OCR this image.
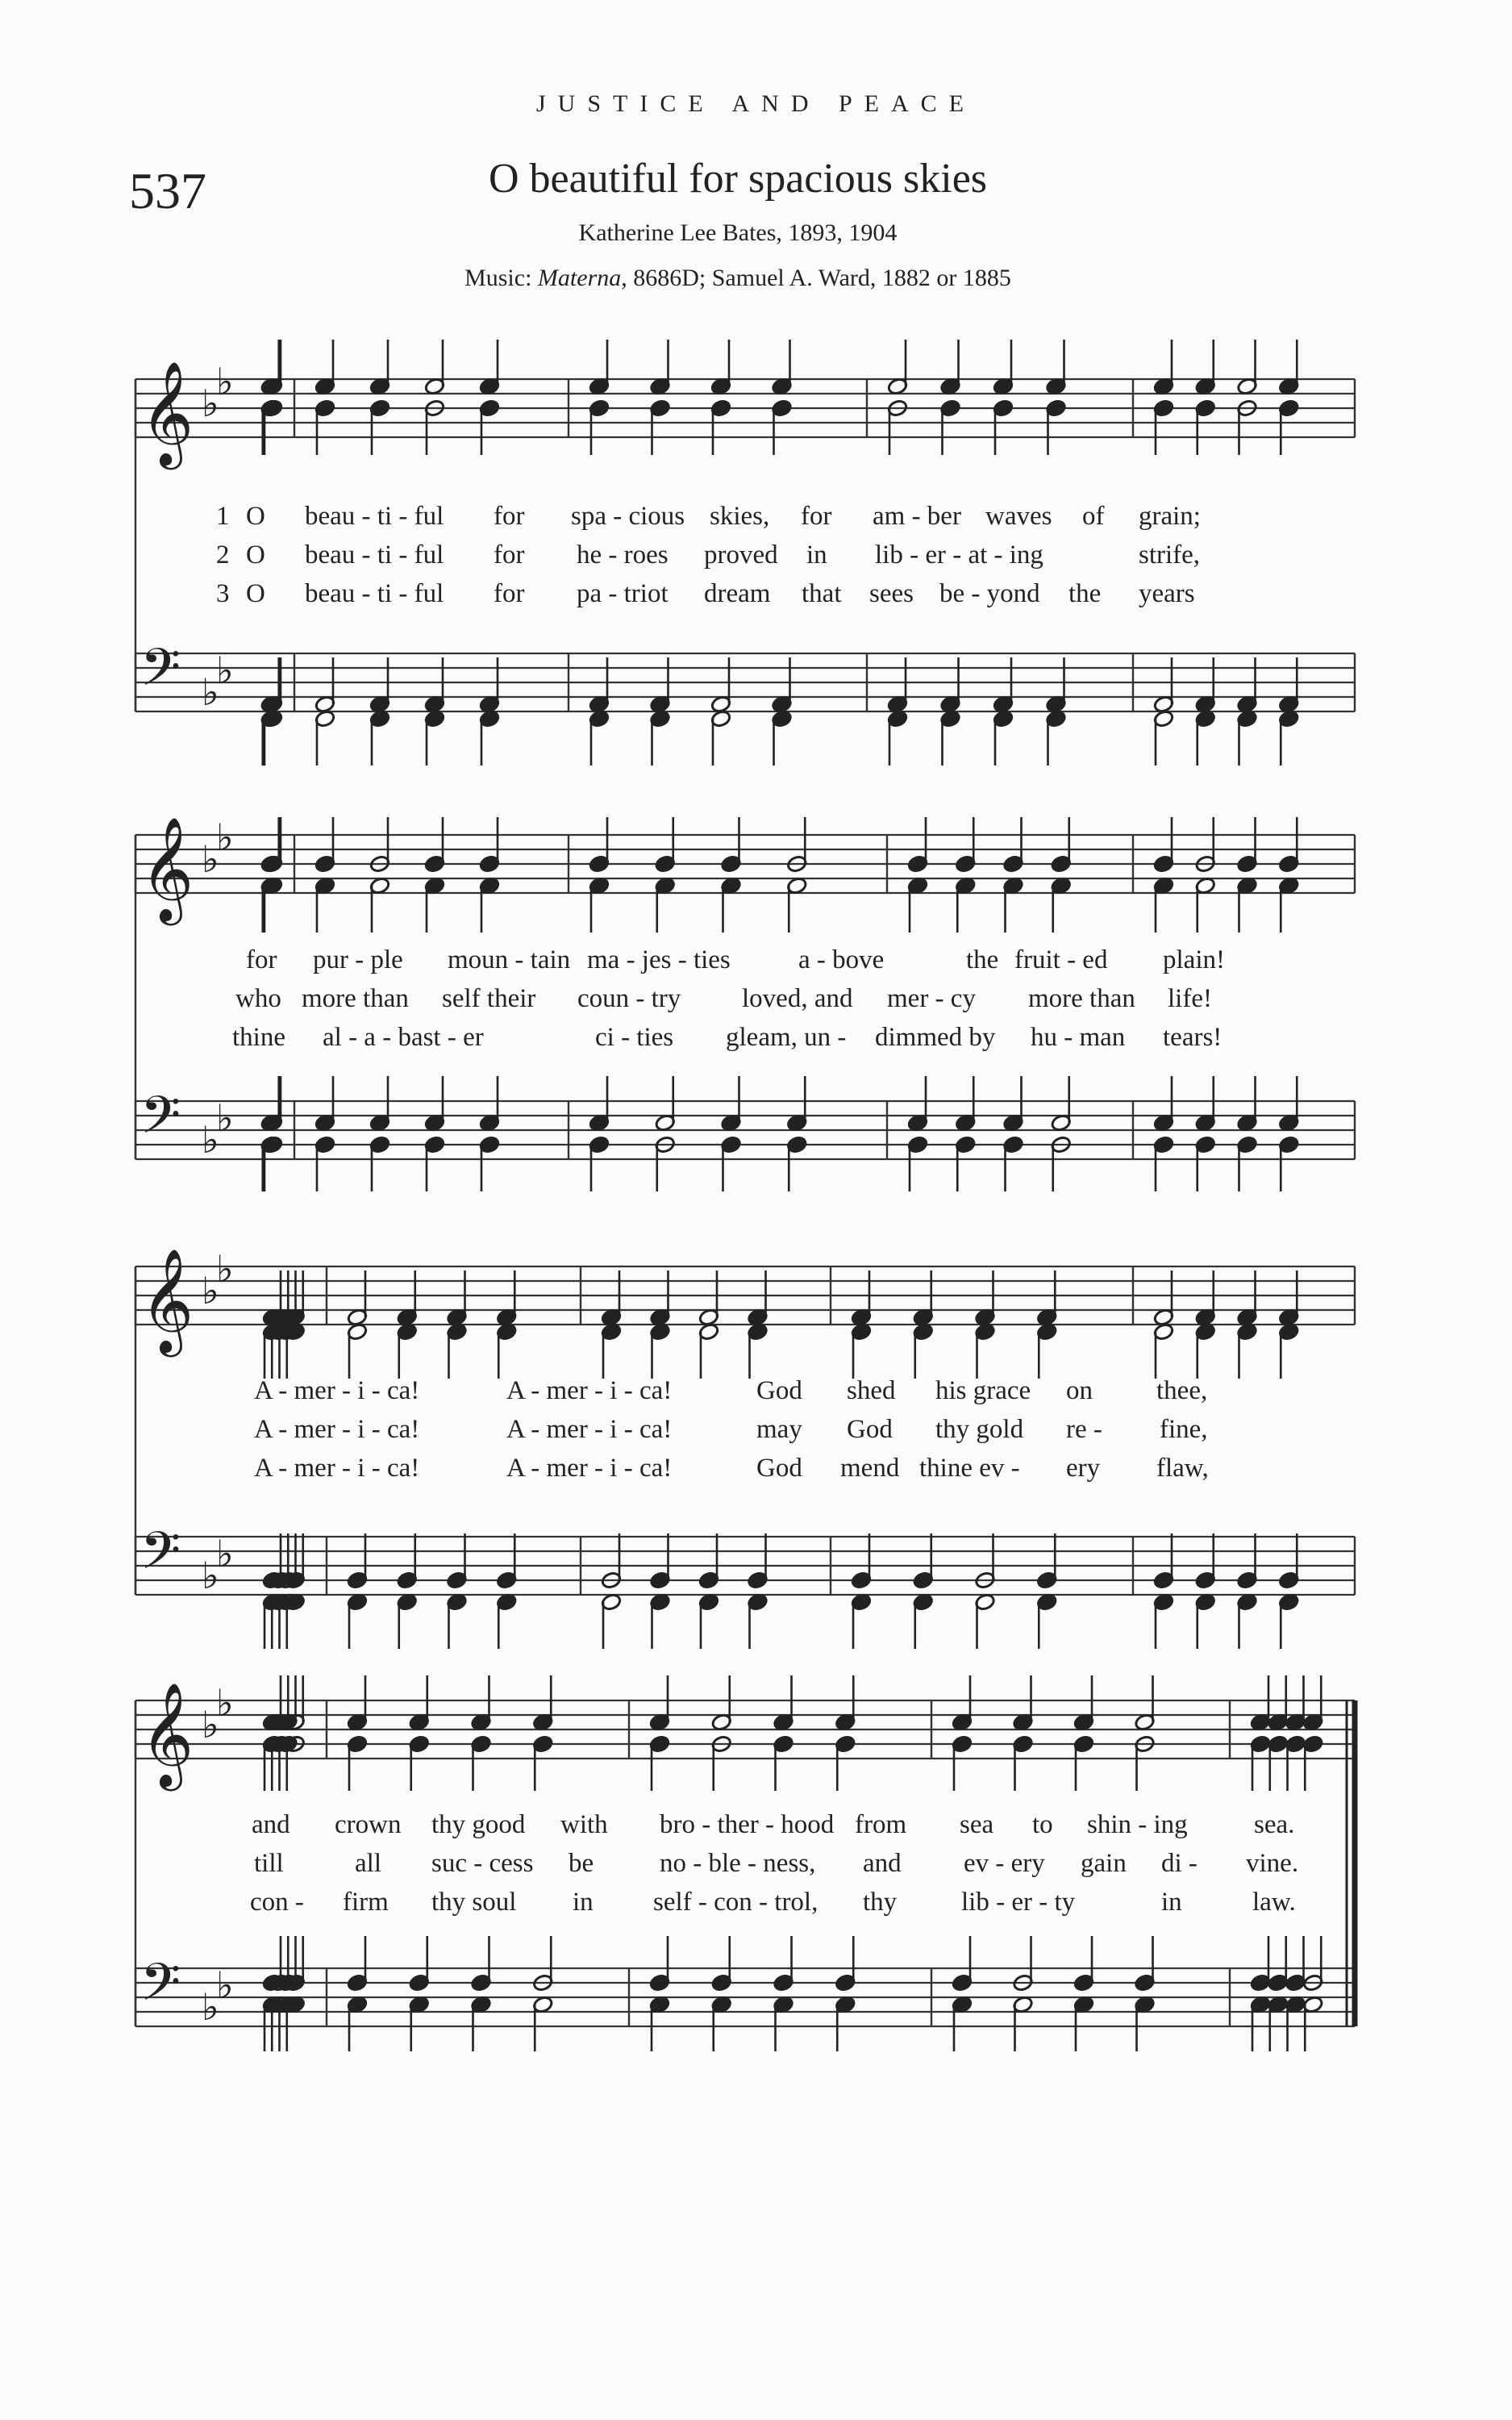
JUSTICE AND PEACE
537	O beautiful for spacious skies
Katherine Lee Bates, 1893, 1904
Music: Materna, 8686D; Samuel A. Ward, 1882 or 1885
𝄞 ♭
♭
𝄢 ♭
♭
𝄞 ♭
♭
𝄢 ♭
♭
𝄞 ♭
♭
𝄢 ♭
♭
𝄞 ♭
♭
𝄢 ♭
♭
1
2
3
O beau - ti - ful for spa - cious skies, for am - ber waves of grain;
O beau - ti - ful for he - roes proved in lib - er - at - ing	strife,
O beau - ti - ful for pa - triot dream that sees be - yond the years
for pur - ple moun - tain ma - jes - ties	a - bove	the fruit - ed plain!
who more than self their coun - try loved, and mer - cy more than life!
thine al - a - bast - er	ci - ties gleam, un - dimmed by hu - man tears!
A - mer - i - ca!	A - mer - i - ca!	God shed his grace on thee,
A - mer - i - ca!	A - mer - i - ca!	may God thy gold re - fine,
A - mer - i - ca!	A - mer - i - ca!	God mend thine ev - ery flaw,
and crown thy good with bro - ther - hood from sea to shin - ing sea.
till	all suc - cess be no - ble - ness, and ev - ery gain di - vine.
con - firm thy soul in self - con - trol, thy lib - er - ty	in	law.
